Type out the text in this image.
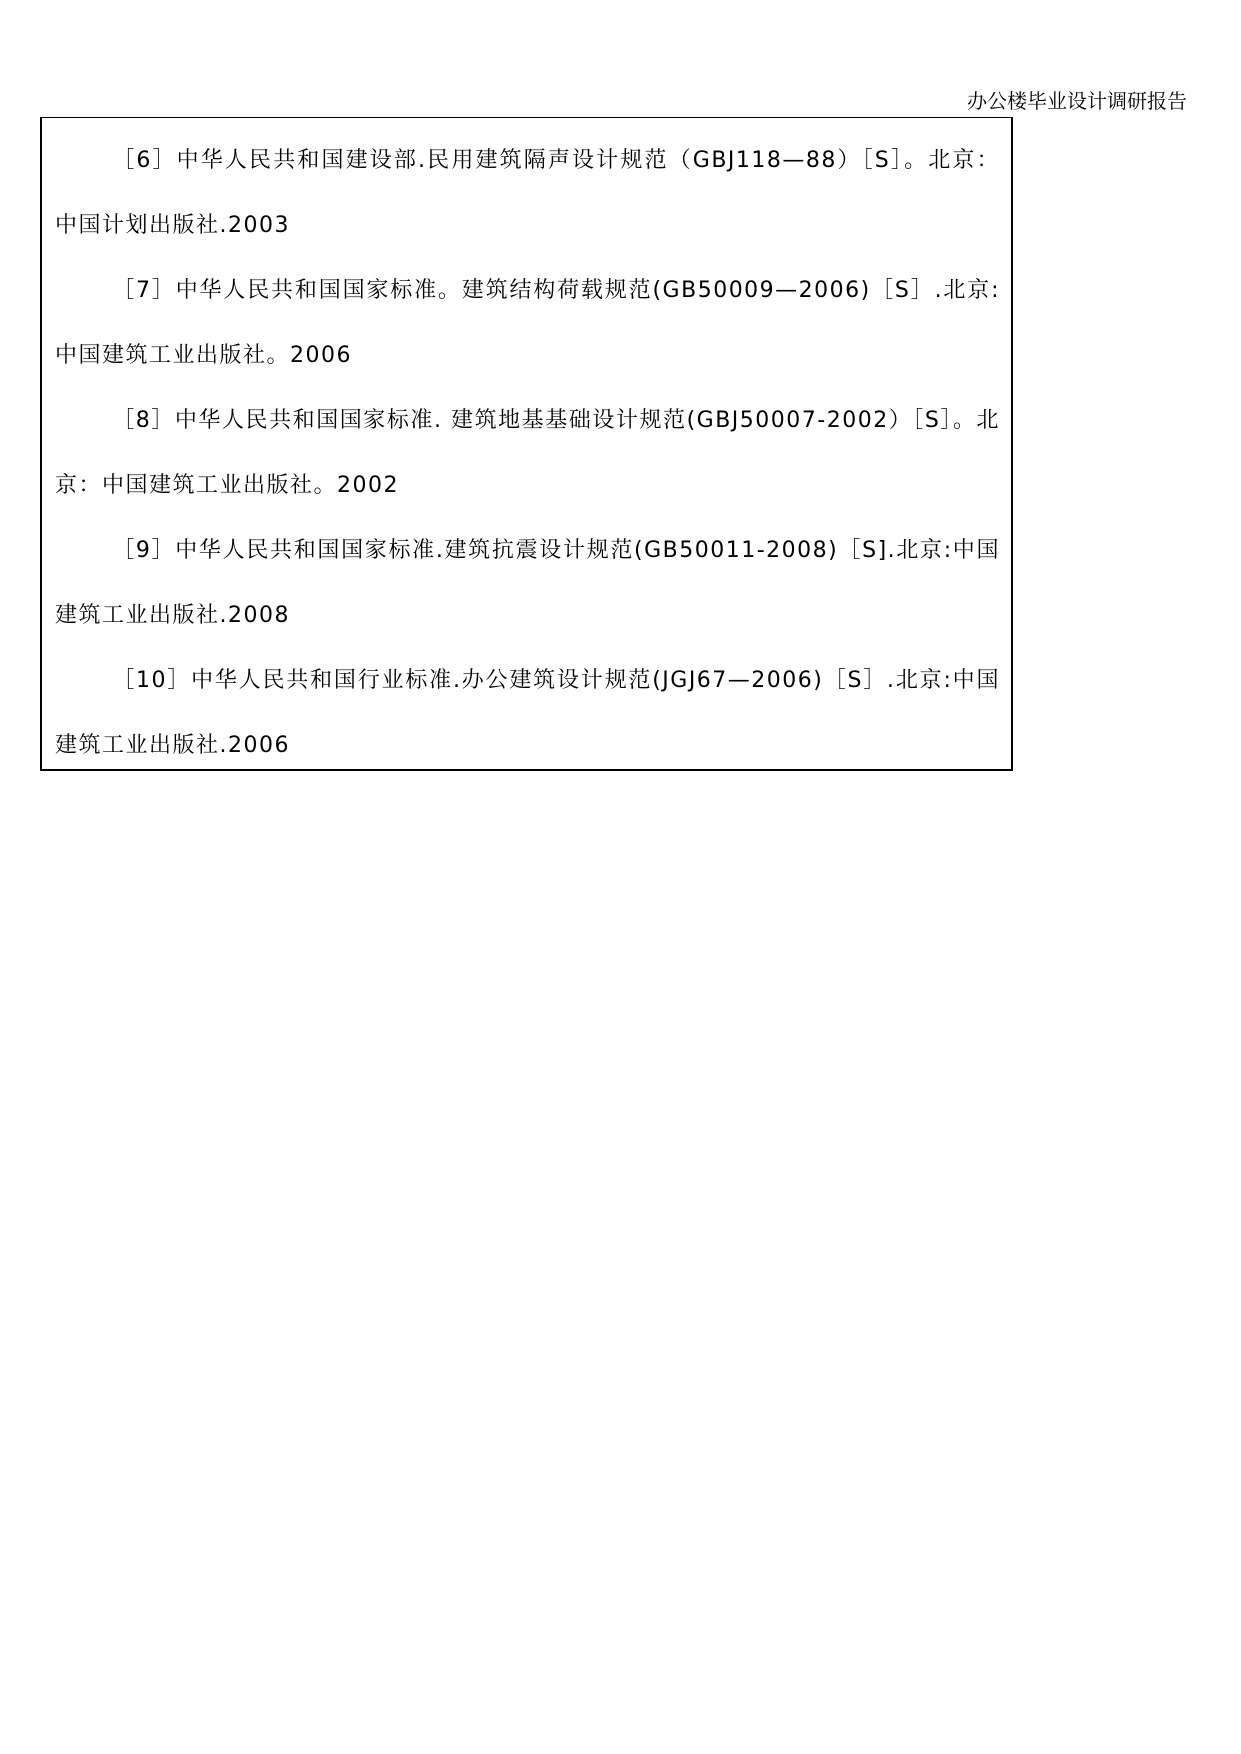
办公楼毕业设计调研报告
［6］中华人民共和国建设部.民用建筑隔声设计规范（GBJ118—88）［S］。北京：中国计划出版社.2003
［7］中华人民共和国国家标准。建筑结构荷载规范(GB50009—2006)［S］.北京:中国建筑工业出版社。2006
［8］中华人民共和国国家标准. 建筑地基基础设计规范(GBJ50007-2002）［S］。北京：中国建筑工业出版社。2002
［9］中华人民共和国国家标准.建筑抗震设计规范(GB50011-2008)［S].北京:中国建筑工业出版社.2008
［10］中华人民共和国行业标准.办公建筑设计规范(JGJ67—2006)［S］.北京:中国建筑工业出版社.2006
